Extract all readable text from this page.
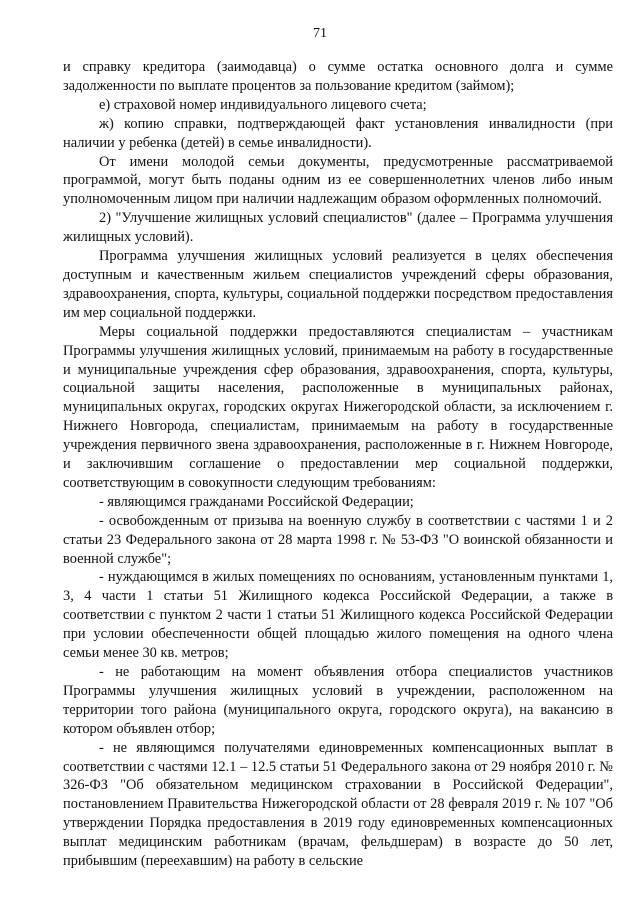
71

и справку кредитора (заимодавца) о сумме остатка основного долга и сумме задолженности по выплате процентов за пользование кредитом (займом);

е) страховой номер индивидуального лицевого счета;

ж) копию справки, подтверждающей факт установления инвалидности (при наличии у ребенка (детей) в семье инвалидности).

От имени молодой семьи документы, предусмотренные рассматриваемой программой, могут быть поданы одним из ее совершеннолетних членов либо иным уполномоченным лицом при наличии надлежащим образом оформленных полномочий.

2) "Улучшение жилищных условий специалистов" (далее – Программа улучшения жилищных условий).

Программа улучшения жилищных условий реализуется в целях обеспечения доступным и качественным жильем специалистов учреждений сферы образования, здравоохранения, спорта, культуры, социальной поддержки посредством предоставления им мер социальной поддержки.

Меры социальной поддержки предоставляются специалистам – участникам Программы улучшения жилищных условий, принимаемым на работу в государственные и муниципальные учреждения сфер образования, здравоохранения, спорта, культуры, социальной защиты населения, расположенные в муниципальных районах, муниципальных округах, городских округах Нижегородской области, за исключением г. Нижнего Новгорода, специалистам, принимаемым на работу в государственные учреждения первичного звена здравоохранения, расположенные в г. Нижнем Новгороде, и заключившим соглашение о предоставлении мер социальной поддержки, соответствующим в совокупности следующим требованиям:

- являющимся гражданами Российской Федерации;

- освобожденным от призыва на военную службу в соответствии с частями 1 и 2 статьи 23 Федерального закона от 28 марта 1998 г. № 53-ФЗ "О воинской обязанности и военной службе";

- нуждающимся в жилых помещениях по основаниям, установленным пунктами 1, 3, 4 части 1 статьи 51 Жилищного кодекса Российской Федерации, а также в соответствии с пунктом 2 части 1 статьи 51 Жилищного кодекса Российской Федерации при условии обеспеченности общей площадью жилого помещения на одного члена семьи менее 30 кв. метров;

- не работающим на момент объявления отбора специалистов участников Программы улучшения жилищных условий в учреждении, расположенном на территории того района (муниципального округа, городского округа), на вакансию в котором объявлен отбор;

- не являющимся получателями единовременных компенсационных выплат в соответствии с частями 12.1 – 12.5 статьи 51 Федерального закона от 29 ноября 2010 г. № 326-ФЗ "Об обязательном медицинском страховании в Российской Федерации", постановлением Правительства Нижегородской области от 28 февраля 2019 г. № 107 "Об утверждении Порядка предоставления в 2019 году единовременных компенсационных выплат медицинским работникам (врачам, фельдшерам) в возрасте до 50 лет, прибывшим (переехавшим) на работу в сельские
